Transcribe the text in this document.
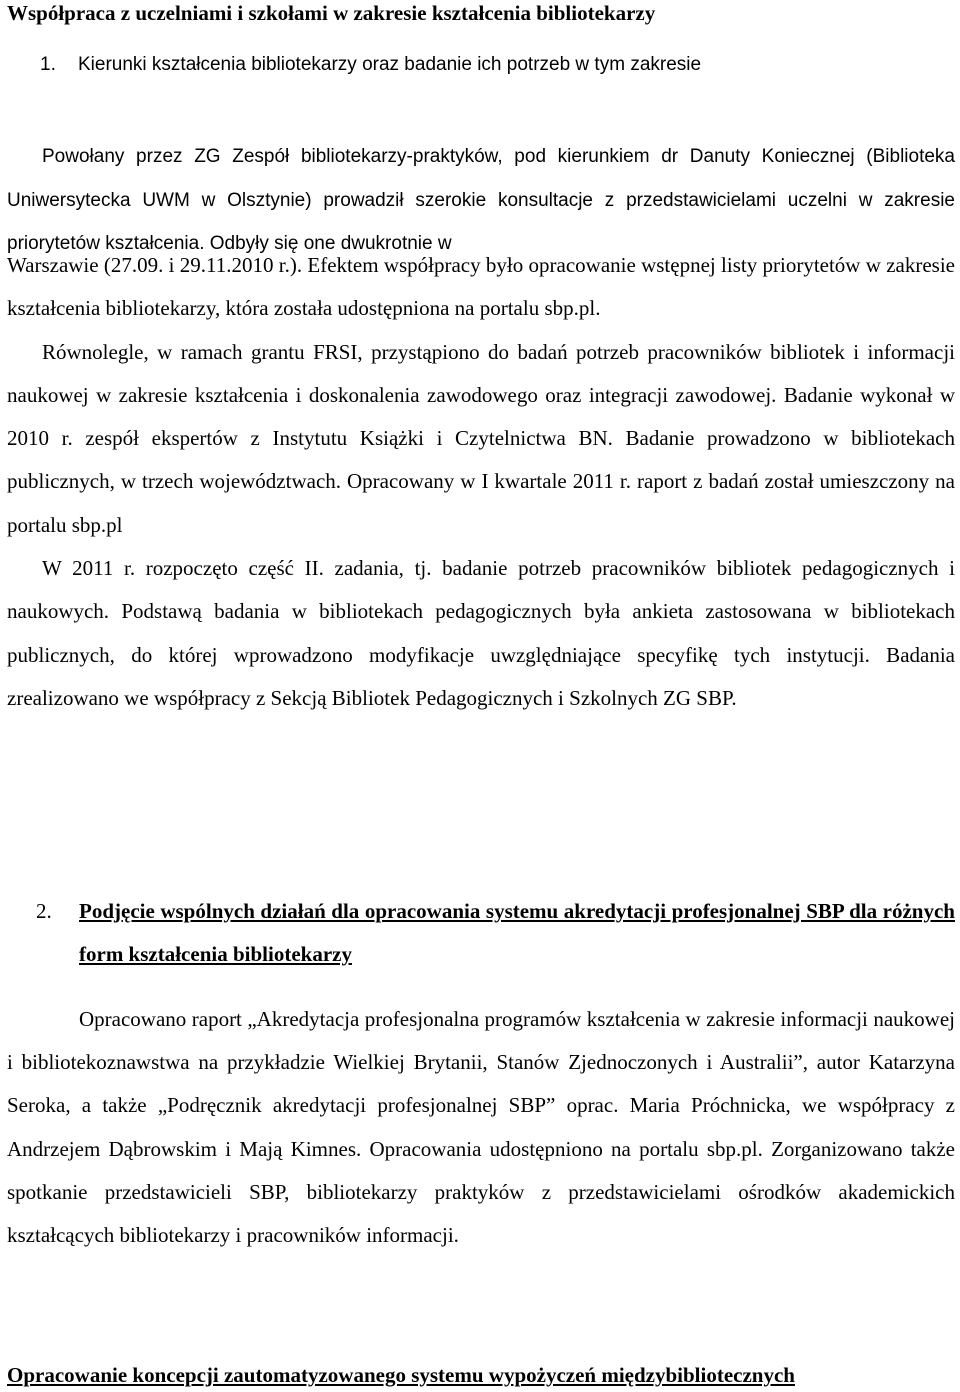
Współpraca z uczelniami i szkołami w zakresie kształcenia bibliotekarzy
1. Kierunki kształcenia bibliotekarzy oraz badanie ich potrzeb w tym zakresie

Powołany przez ZG Zespół bibliotekarzy-praktyków, pod kierunkiem dr Danuty Koniecznej (Biblioteka Uniwersytecka UWM w Olsztynie) prowadził szerokie konsultacje z przedstawicielami uczelni w zakresie priorytetów kształcenia. Odbyły się one dwukrotnie w

Warszawie (27.09. i 29.11.2010 r.). Efektem współpracy było opracowanie wstępnej listy priorytetów w zakresie kształcenia bibliotekarzy, która została udostępniona na portalu sbp.pl.

Równolegle, w ramach grantu FRSI, przystąpiono do badań potrzeb pracowników bibliotek i informacji naukowej w zakresie kształcenia i doskonalenia zawodowego oraz integracji zawodowej. Badanie wykonał w 2010 r. zespół ekspertów z Instytutu Książki i Czytelnictwa BN. Badanie prowadzono w bibliotekach publicznych, w trzech województwach. Opracowany w I kwartale 2011 r. raport z badań został umieszczony na portalu sbp.pl

W 2011 r. rozpoczęto część II. zadania, tj. badanie potrzeb pracowników bibliotek pedagogicznych i naukowych. Podstawą badania w bibliotekach pedagogicznych była ankieta zastosowana w bibliotekach publicznych, do której wprowadzono modyfikacje uwzględniające specyfikę tych instytucji. Badania zrealizowano we współpracy z Sekcją Bibliotek Pedagogicznych i Szkolnych ZG SBP.

2. Podjęcie wspólnych działań dla opracowania systemu akredytacji profesjonalnej SBP dla różnych form kształcenia bibliotekarzy

Opracowano raport „Akredytacja profesjonalna programów kształcenia w zakresie informacji naukowej i bibliotekoznawstwa na przykładzie Wielkiej Brytanii, Stanów Zjednoczonych i Australii”, autor Katarzyna Seroka, a także „Podręcznik akredytacji profesjonalnej SBP” oprac. Maria Próchnicka, we współpracy z Andrzejem Dąbrowskim i Mają Kimnes. Opracowania udostępniono na portalu sbp.pl. Zorganizowano także spotkanie przedstawicieli SBP, bibliotekarzy praktyków z przedstawicielami ośrodków akademickich kształcących bibliotekarzy i pracowników informacji.

Opracowanie koncepcji zautomatyzowanego systemu wypożyczeń międzybibliotecznych
